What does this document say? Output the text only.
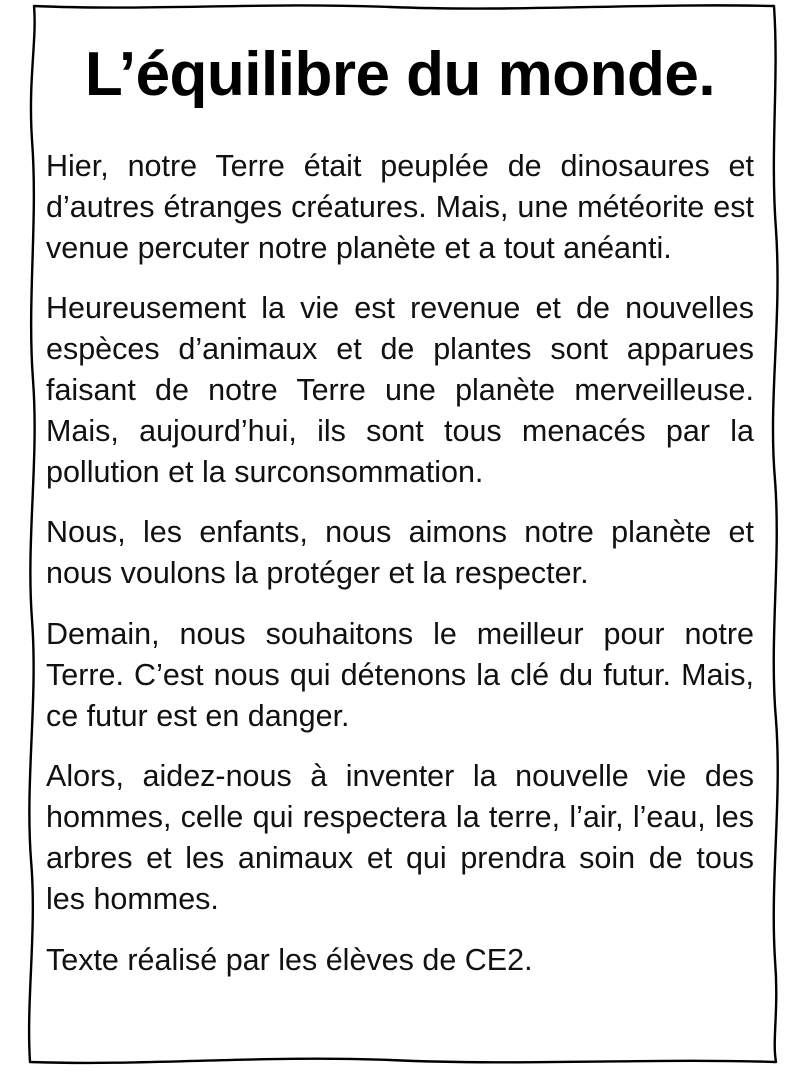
L’équilibre du monde.

Hier, notre Terre était peuplée de dinosaures et d’autres étranges créatures. Mais, une météorite est venue percuter notre planète et a tout anéanti.

Heureusement la vie est revenue et de nouvelles espèces d’animaux et de plantes sont apparues faisant de notre Terre une planète merveilleuse. Mais, aujourd’hui, ils sont tous menacés par la pollution et la surconsommation.

Nous, les enfants, nous aimons notre planète et nous voulons la protéger et la respecter.

Demain, nous souhaitons le meilleur pour notre Terre. C’est nous qui détenons la clé du futur. Mais, ce futur est en danger.

Alors, aidez-nous à inventer la nouvelle vie des hommes, celle qui respectera la terre, l’air, l’eau, les arbres et les animaux et qui prendra soin de tous les hommes.

Texte réalisé par les élèves de CE2.
